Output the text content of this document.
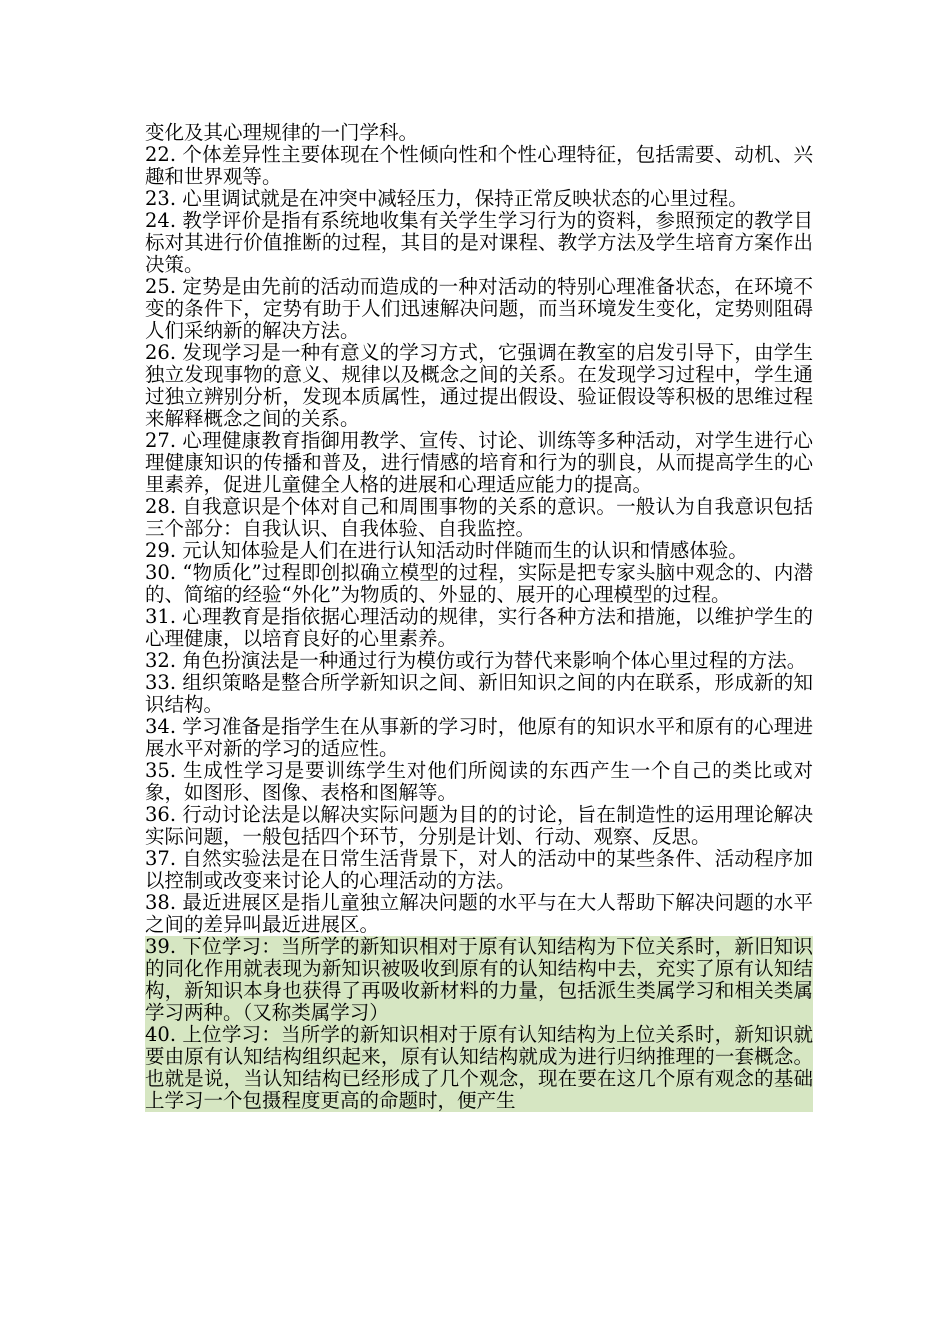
变化及其心理规律的一门学科。

22. 个体差异性主要体现在个性倾向性和个性心理特征，包括需要、动机、兴趣和世界观等。

23. 心里调试就是在冲突中减轻压力，保持正常反映状态的心里过程。

24. 教学评价是指有系统地收集有关学生学习行为的资料，参照预定的教学目标对其进行价值推断的过程，其目的是对课程、教学方法及学生培育方案作出决策。

25. 定势是由先前的活动而造成的一种对活动的特别心理准备状态，在环境不变的条件下，定势有助于人们迅速解决问题，而当环境发生变化，定势则阻碍人们采纳新的解决方法。

26. 发现学习是一种有意义的学习方式，它强调在教室的启发引导下，由学生独立发现事物的意义、规律以及概念之间的关系。在发现学习过程中，学生通过独立辨别分析，发现本质属性，通过提出假设、验证假设等积极的思维过程来解释概念之间的关系。

27. 心理健康教育指御用教学、宣传、讨论、训练等多种活动，对学生进行心理健康知识的传播和普及，进行情感的培育和行为的驯良，从而提高学生的心里素养，促进儿童健全人格的进展和心理适应能力的提高。

28. 自我意识是个体对自己和周围事物的关系的意识。一般认为自我意识包括三个部分：自我认识、自我体验、自我监控。

29. 元认知体验是人们在进行认知活动时伴随而生的认识和情感体验。

30. “物质化”过程即创拟确立模型的过程，实际是把专家头脑中观念的、内潜的、简缩的经验“外化”为物质的、外显的、展开的心理模型的过程。

31. 心理教育是指依据心理活动的规律，实行各种方法和措施，以维护学生的心理健康，以培育良好的心里素养。

32. 角色扮演法是一种通过行为模仿或行为替代来影响个体心里过程的方法。

33. 组织策略是整合所学新知识之间、新旧知识之间的内在联系，形成新的知识结构。

34. 学习准备是指学生在从事新的学习时，他原有的知识水平和原有的心理进展水平对新的学习的适应性。

35. 生成性学习是要训练学生对他们所阅读的东西产生一个自己的类比或对象，如图形、图像、表格和图解等。

36. 行动讨论法是以解决实际问题为目的的讨论，旨在制造性的运用理论解决实际问题，一般包括四个环节，分别是计划、行动、观察、反思。

37. 自然实验法是在日常生活背景下，对人的活动中的某些条件、活动程序加以控制或改变来讨论人的心理活动的方法。

38. 最近进展区是指儿童独立解决问题的水平与在大人帮助下解决问题的水平之间的差异叫最近进展区。

39. 下位学习：当所学的新知识相对于原有认知结构为下位关系时，新旧知识的同化作用就表现为新知识被吸收到原有的认知结构中去，充实了原有认知结构，新知识本身也获得了再吸收新材料的力量，包括派生类属学习和相关类属学习两种。（又称类属学习）

40. 上位学习：当所学的新知识相对于原有认知结构为上位关系时，新知识就要由原有认知结构组织起来，原有认知结构就成为进行归纳推理的一套概念。也就是说，当认知结构已经形成了几个观念，现在要在这几个原有观念的基础上学习一个包摄程度更高的命题时，便产生
